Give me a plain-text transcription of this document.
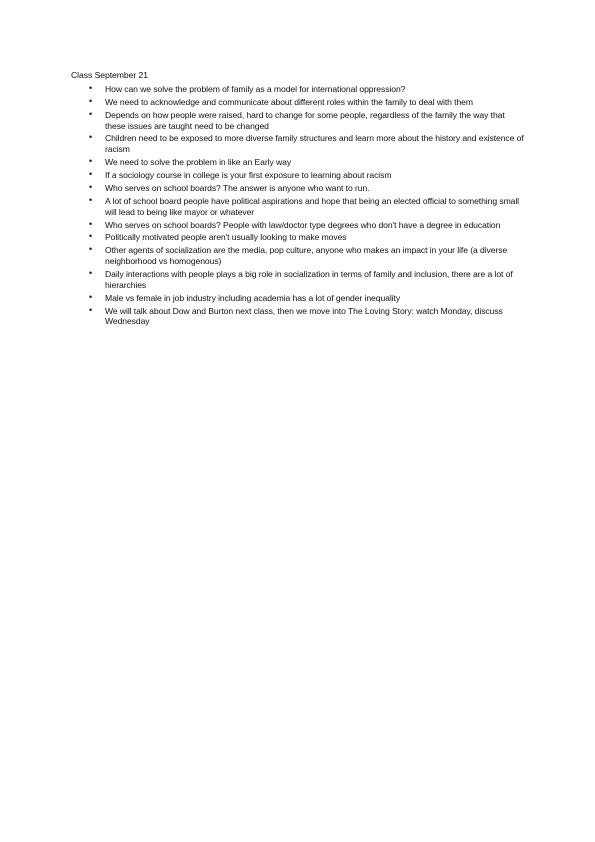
Class September 21
• How can we solve the problem of family as a model for international oppression?
• We need to acknowledge and communicate about different roles within the family to deal with them
• Depends on how people were raised, hard to change for some people, regardless of the family the way that these issues are taught need to be changed
• Children need to be exposed to more diverse family structures and learn more about the history and existence of racism
• We need to solve the problem in like an Early way
• If a sociology course in college is your first exposure to learning about racism
• Who serves on school boards? The answer is anyone who want to run.
• A lot of school board people have political aspirations and hope that being an elected official to something small will lead to being like mayor or whatever
• Who serves on school boards? People with law/doctor type degrees who don't have a degree in education
• Politically motivated people aren't usually looking to make moves
• Other agents of socialization are the media, pop culture, anyone who makes an impact in your life (a diverse neighborhood vs homogenous)
• Daily interactions with people plays a big role in socialization in terms of family and inclusion, there are a lot of hierarchies
• Male vs female in job industry including academia has a lot of gender inequality
• We will talk about Dow and Burton next class, then we move into The Loving Story: watch Monday, discuss Wednesday
